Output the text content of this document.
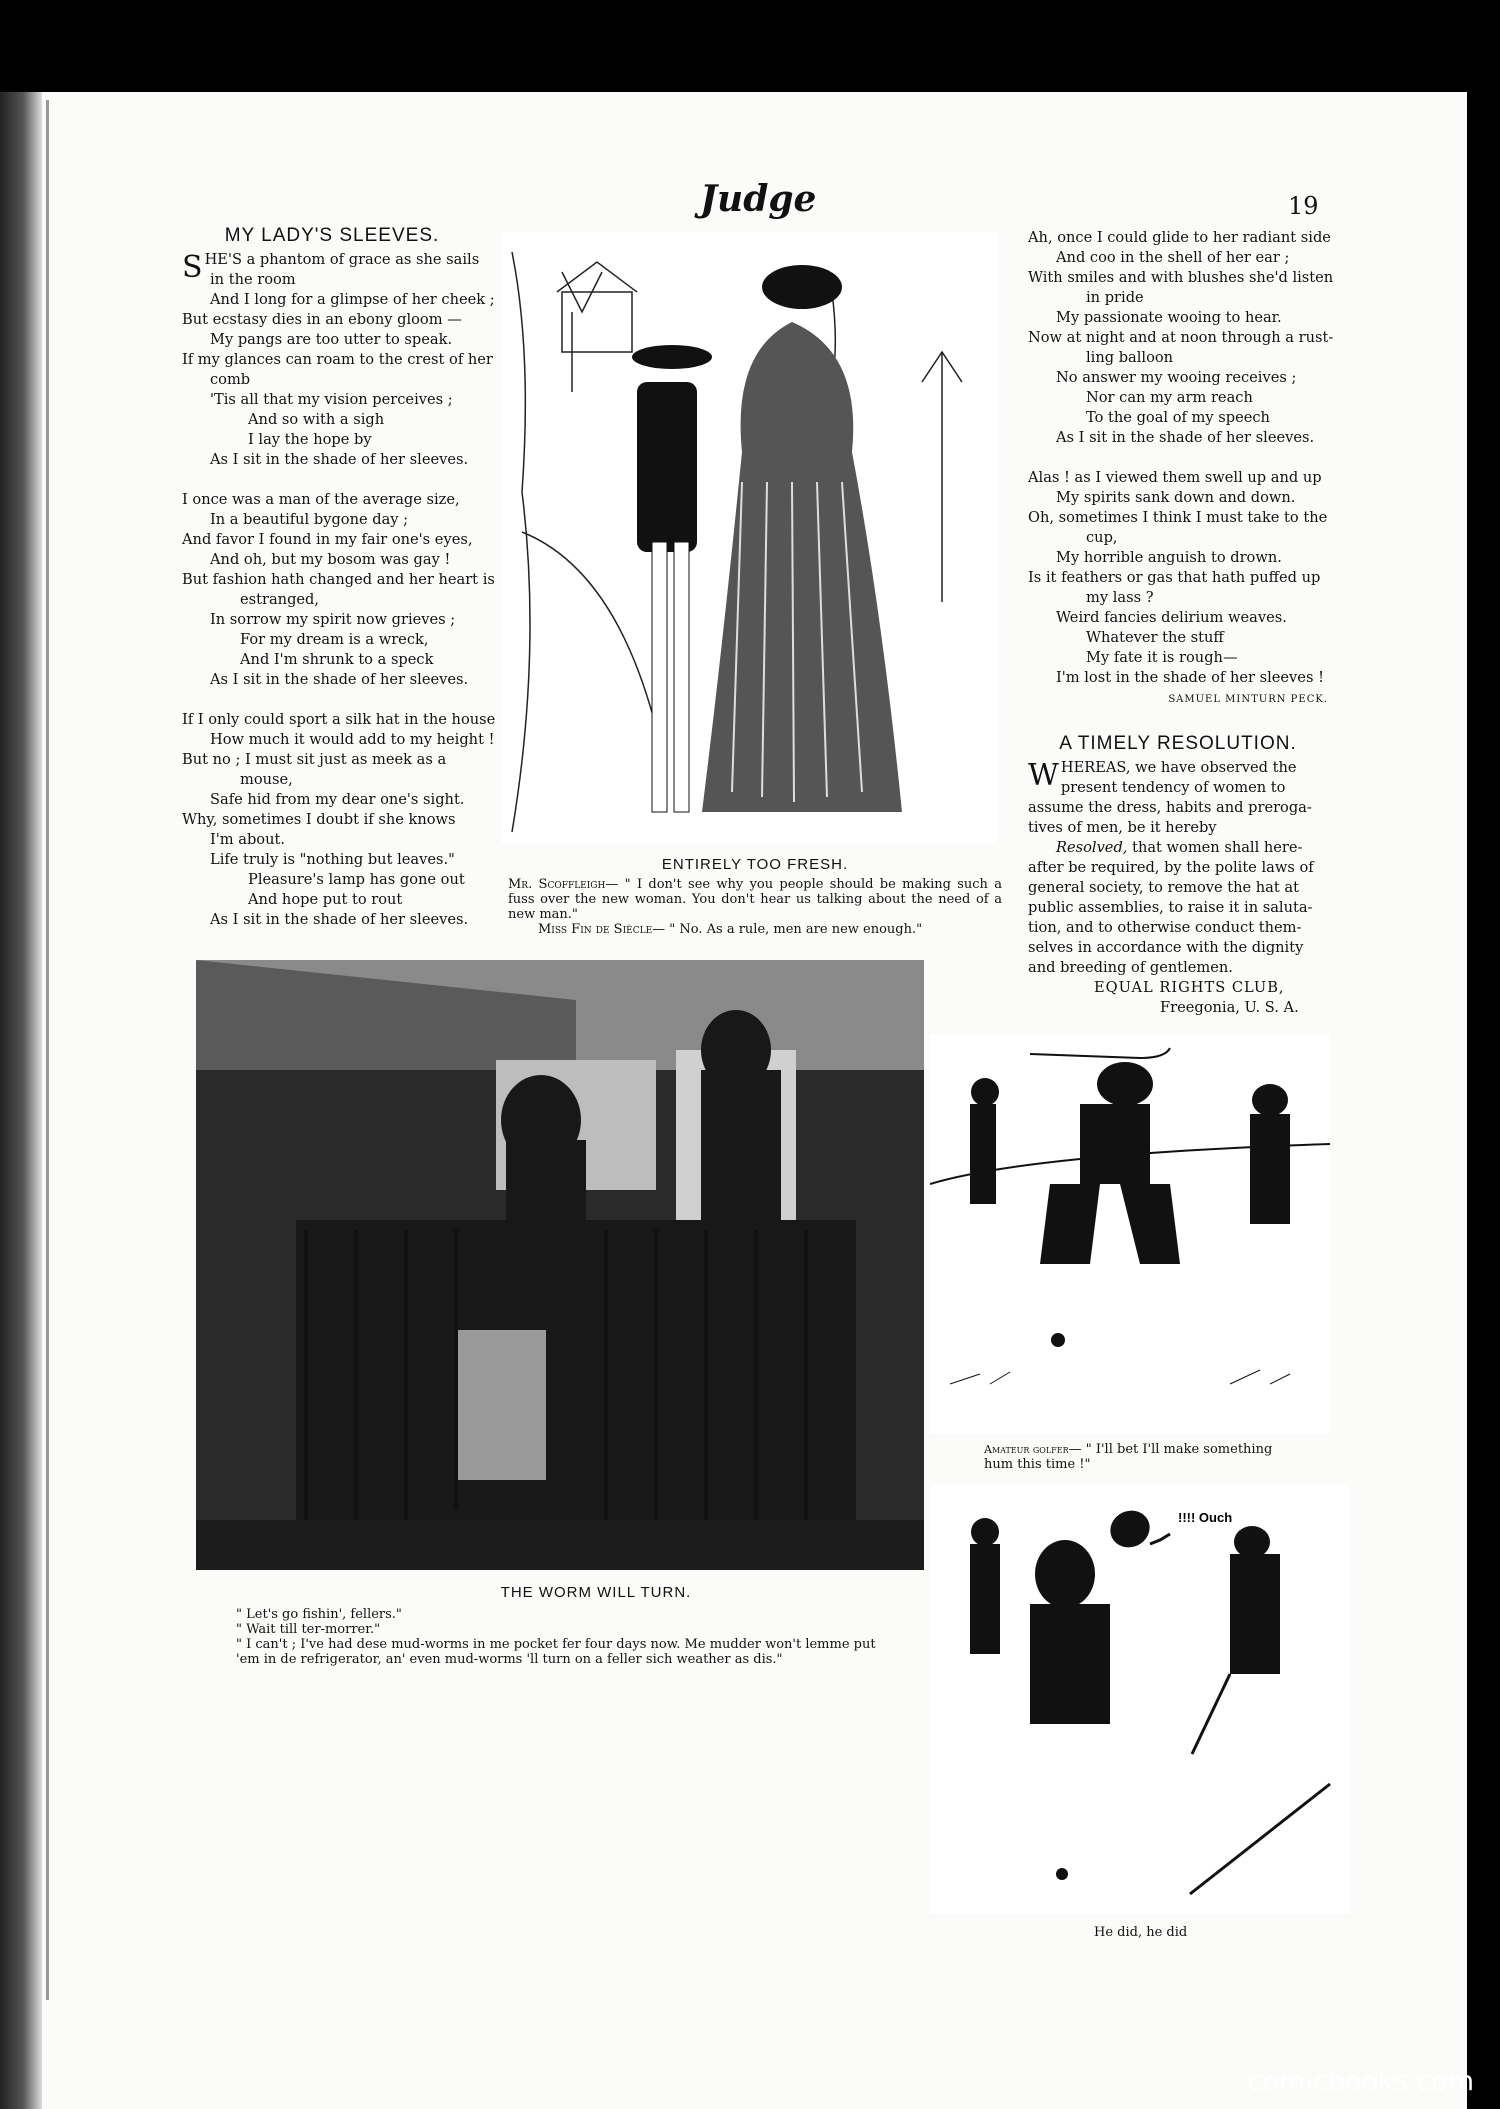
Judge	19
MY LADY'S SLEEVES.
S HE'S a phantom of grace as she sails
in the room
And I long for a glimpse of her cheek ;
But ecstasy dies in an ebony gloom —
My pangs are too utter to speak.
If my glances can roam to the crest of her
comb
'Tis all that my vision perceives ;
And so with a sigh
I lay the hope by
As I sit in the shade of her sleeves.
I once was a man of the average size,
In a beautiful bygone day ;
And favor I found in my fair one's eyes,
And oh, but my bosom was gay !
But fashion hath changed and her heart is
estranged,
In sorrow my spirit now grieves ;
For my dream is a wreck,
And I'm shrunk to a speck
As I sit in the shade of her sleeves.
If I only could sport a silk hat in the house
How much it would add to my height !
But no ; I must sit just as meek as a
mouse,
Safe hid from my dear one's sight.
Why, sometimes I doubt if she knows
I'm about.
Life truly is "nothing but leaves."
Pleasure's lamp has gone out
And hope put to rout
As I sit in the shade of her sleeves.
ENTIRELY TOO FRESH.
Mr. Scoffleigh— " I don't see why you people should be making such a fuss over the new woman. You don't hear us talking about the need of a new man."
Miss Fin de Siècle— " No. As a rule, men are new enough."
Ah, once I could glide to her radiant side
And coo in the shell of her ear ;
With smiles and with blushes she'd listen
in pride
My passionate wooing to hear.
Now at night and at noon through a rust-
ling balloon
No answer my wooing receives ;
Nor can my arm reach
To the goal of my speech
As I sit in the shade of her sleeves.
Alas ! as I viewed them swell up and up
My spirits sank down and down.
Oh, sometimes I think I must take to the
cup,
My horrible anguish to drown.
Is it feathers or gas that hath puffed up
my lass ?
Weird fancies delirium weaves.
Whatever the stuff
My fate it is rough—
I'm lost in the shade of her sleeves !
SAMUEL MINTURN PECK.
A TIMELY RESOLUTION.
W HEREAS, we have observed the
present tendency of women to
assume the dress, habits and preroga-
tives of men, be it hereby
Resolved, that women shall here-
after be required, by the polite laws of
general society, to remove the hat at
public assemblies, to raise it in saluta-
tion, and to otherwise conduct them-
selves in accordance with the dignity
and breeding of gentlemen.
EQUAL RIGHTS CLUB,
Freegonia, U. S. A.
THE WORM WILL TURN.
" Let's go fishin', fellers."
" Wait till ter-morrer."
" I can't ; I've had dese mud-worms in me pocket fer four days now. Me mudder won't lemme put
'em in de refrigerator, an' even mud-worms 'll turn on a feller sich weather as dis."
Amateur golfer— " I'll bet I'll make something
hum this time !"
!!!! Ouch
He did, he did
comicbooks.com
